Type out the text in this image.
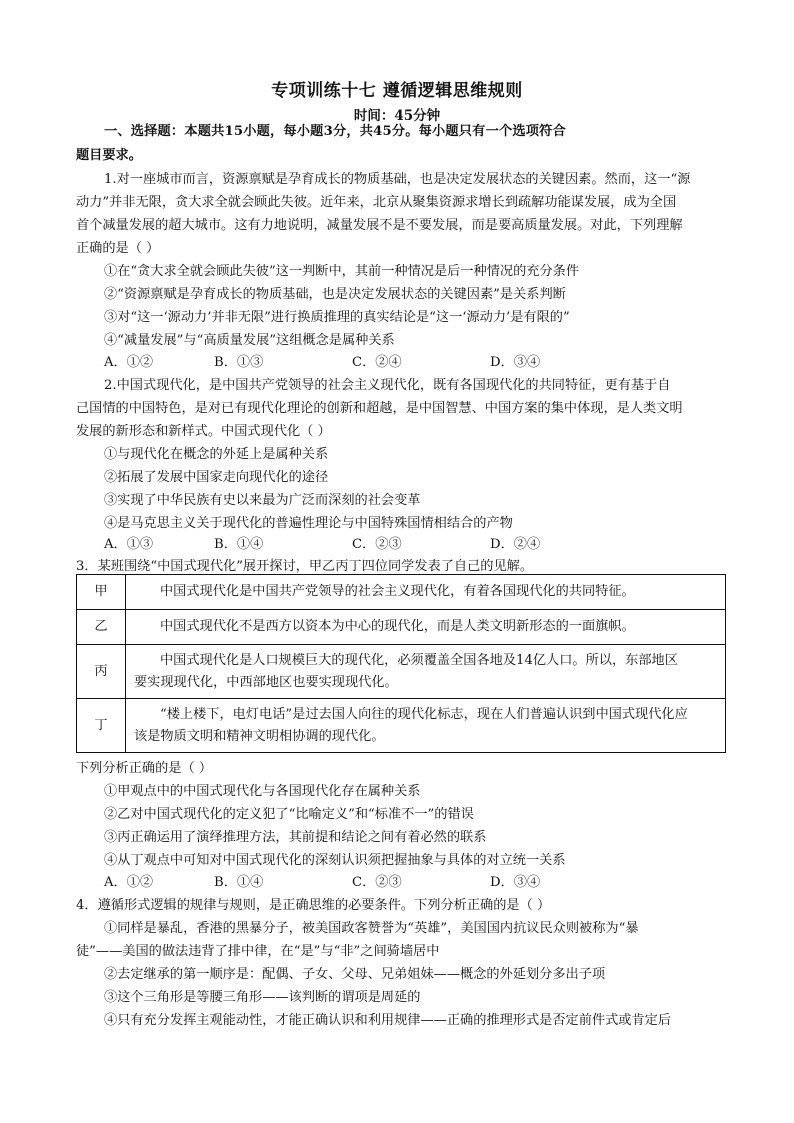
专项训练十七 遵循逻辑思维规则
时间：45分钟
一、选择题：本题共15小题，每小题3分，共45分。每小题只有一个选项符合
题目要求。
1.对一座城市而言，资源禀赋是孕育成长的物质基础，也是决定发展状态的关键因素。然而，这一“源
动力”并非无限，贪大求全就会顾此失彼。近年来，北京从聚集资源求增长到疏解功能谋发展，成为全国
首个减量发展的超大城市。这有力地说明，减量发展不是不要发展，而是要高质量发展。对此，下列理解
正确的是（ ）
①在“贪大求全就会顾此失彼”这一判断中，其前一种情况是后一种情况的充分条件
②“资源禀赋是孕育成长的物质基础，也是决定发展状态的关键因素”是关系判断
③对“这一‘源动力’并非无限”进行换质推理的真实结论是“这一‘源动力’是有限的”
④“减量发展”与“高质量发展”这组概念是属种关系
A．①②	B．①③	C．②④	D．③④
2.中国式现代化，是中国共产党领导的社会主义现代化，既有各国现代化的共同特征，更有基于自
己国情的中国特色，是对已有现代化理论的创新和超越，是中国智慧、中国方案的集中体现，是人类文明
发展的新形态和新样式。中国式现代化（ ）
①与现代化在概念的外延上是属种关系
②拓展了发展中国家走向现代化的途径
③实现了中华民族有史以来最为广泛而深刻的社会变革
④是马克思主义关于现代化的普遍性理论与中国特殊国情相结合的产物
A．①③	B．①④	C．②③	D．②④
3．某班围绕“中国式现代化”展开探讨，甲乙丙丁四位同学发表了自己的见解。
甲	中国式现代化是中国共产党领导的社会主义现代化，有着各国现代化的共同特征。
乙	中国式现代化不是西方以资本为中心的现代化，而是人类文明新形态的一面旗帜。
丙	中国式现代化是人口规模巨大的现代化，必须覆盖全国各地及14亿人口。所以，东部地区
要实现现代化，中西部地区也要实现现代化。
丁	“楼上楼下，电灯电话”是过去国人向往的现代化标志，现在人们普遍认识到中国式现代化应
该是物质文明和精神文明相协调的现代化。
下列分析正确的是（ ）
①甲观点中的中国式现代化与各国现代化存在属种关系
②乙对中国式现代化的定义犯了“比喻定义”和“标准不一”的错误
③丙正确运用了演绎推理方法，其前提和结论之间有着必然的联系
④从丁观点中可知对中国式现代化的深刻认识须把握抽象与具体的对立统一关系
A．①②	B．①④	C．②③	D．③④
4．遵循形式逻辑的规律与规则，是正确思维的必要条件。下列分析正确的是（ ）
①同样是暴乱，香港的黑暴分子，被美国政客赞誉为“英雄”，美国国内抗议民众则被称为“暴
徒”——美国的做法违背了排中律，在“是”与“非”之间骑墙居中
②去定继承的第一顺序是：配偶、子女、父母、兄弟姐妹——概念的外延划分多出子项
③这个三角形是等腰三角形——该判断的谓项是周延的
④只有充分发挥主观能动性，才能正确认识和利用规律——正确的推理形式是否定前件式或肯定后
